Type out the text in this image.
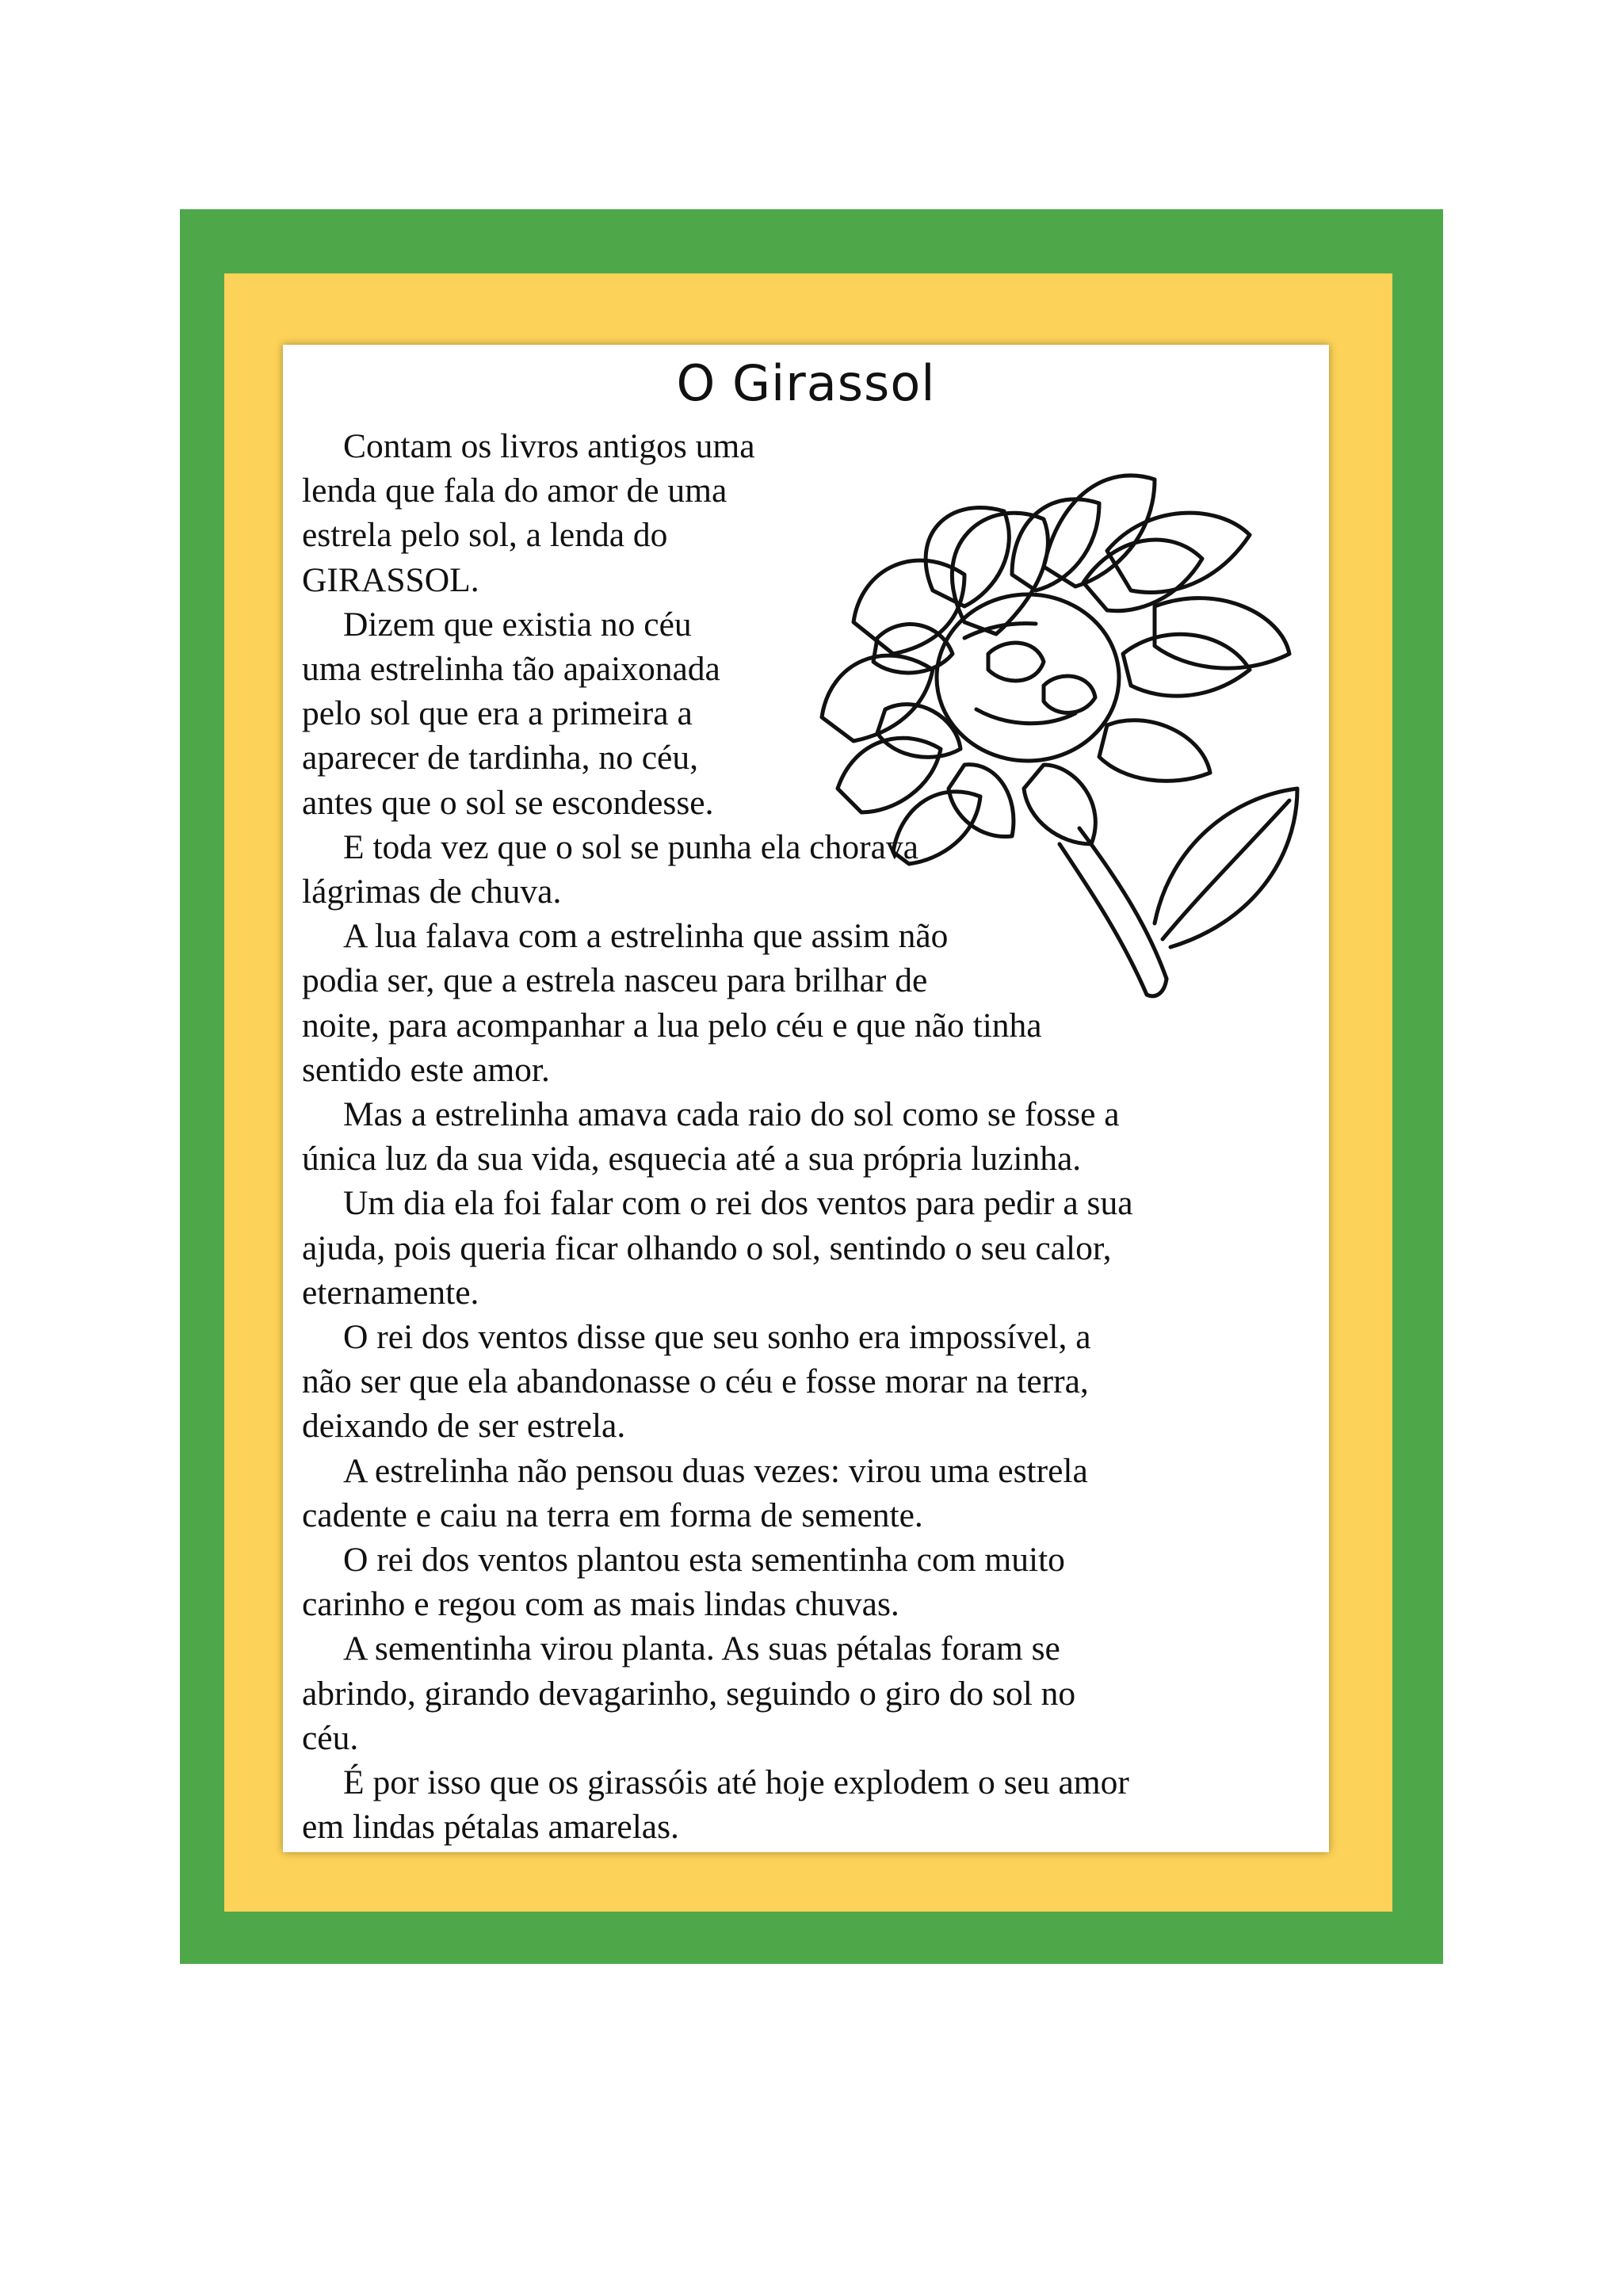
O Girassol
Contam os livros antigos uma
lenda que fala do amor de uma
estrela pelo sol, a lenda do
GIRASSOL.
Dizem que existia no céu
uma estrelinha tão apaixonada
pelo sol que era a primeira a
aparecer de tardinha, no céu,
antes que o sol se escondesse.
E toda vez que o sol se punha ela chorava
lágrimas de chuva.
A lua falava com a estrelinha que assim não
podia ser, que a estrela nasceu para brilhar de
noite, para acompanhar a lua pelo céu e que não tinha
sentido este amor.
Mas a estrelinha amava cada raio do sol como se fosse a
única luz da sua vida, esquecia até a sua própria luzinha.
Um dia ela foi falar com o rei dos ventos para pedir a sua
ajuda, pois queria ficar olhando o sol, sentindo o seu calor,
eternamente.
O rei dos ventos disse que seu sonho era impossível, a
não ser que ela abandonasse o céu e fosse morar na terra,
deixando de ser estrela.
A estrelinha não pensou duas vezes: virou uma estrela
cadente e caiu na terra em forma de semente.
O rei dos ventos plantou esta sementinha com muito
carinho e regou com as mais lindas chuvas.
A sementinha virou planta. As suas pétalas foram se
abrindo, girando devagarinho, seguindo o giro do sol no
céu.
É por isso que os girassóis até hoje explodem o seu amor
em lindas pétalas amarelas.
